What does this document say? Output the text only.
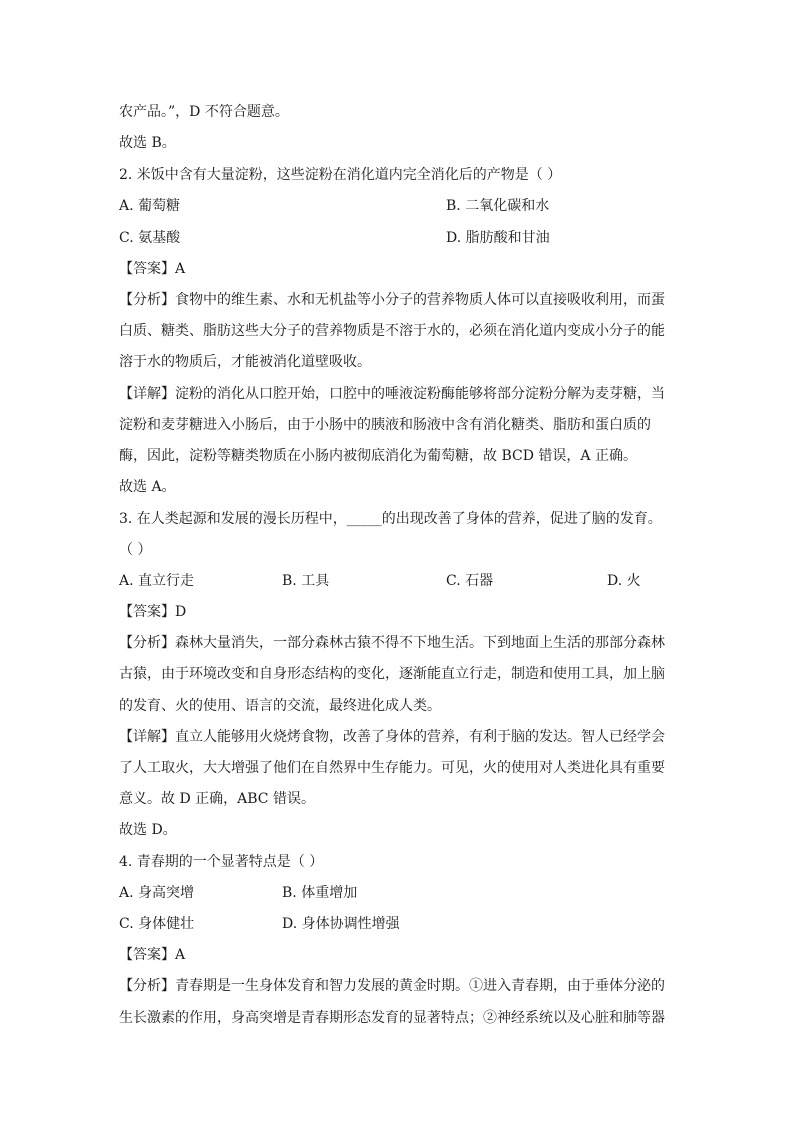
农产品。”，D 不符合题意。
故选 B。
2. 米饭中含有大量淀粉，这些淀粉在消化道内完全消化后的产物是（ ）
A. 葡萄糖	B. 二氧化碳和水
C. 氨基酸	D. 脂肪酸和甘油
【答案】A
【分析】食物中的维生素、水和无机盐等小分子的营养物质人体可以直接吸收利用，而蛋
白质、糖类、脂肪这些大分子的营养物质是不溶于水的，必须在消化道内变成小分子的能
溶于水的物质后，才能被消化道壁吸收。
【详解】淀粉的消化从口腔开始，口腔中的唾液淀粉酶能够将部分淀粉分解为麦芽糖，当
淀粉和麦芽糖进入小肠后，由于小肠中的胰液和肠液中含有消化糖类、脂肪和蛋白质的
酶，因此，淀粉等糖类物质在小肠内被彻底消化为葡萄糖，故 BCD 错误，A 正确。
故选 A。
3. 在人类起源和发展的漫长历程中，_____的出现改善了身体的营养，促进了脑的发育。
（ ）
A. 直立行走	B. 工具	C. 石器	D. 火
【答案】D
【分析】森林大量消失，一部分森林古猿不得不下地生活。下到地面上生活的那部分森林
古猿，由于环境改变和自身形态结构的变化，逐渐能直立行走，制造和使用工具，加上脑
的发育、火的使用、语言的交流，最终进化成人类。
【详解】直立人能够用火烧烤食物，改善了身体的营养，有利于脑的发达。智人已经学会
了人工取火，大大增强了他们在自然界中生存能力。可见，火的使用对人类进化具有重要
意义。故 D 正确，ABC 错误。
故选 D。
4. 青春期的一个显著特点是（ ）
A. 身高突增	B. 体重增加
C. 身体健壮	D. 身体协调性增强
【答案】A
【分析】青春期是一生身体发育和智力发展的黄金时期。①进入青春期，由于垂体分泌的
生长激素的作用，身高突增是青春期形态发育的显著特点；②神经系统以及心脏和肺等器
